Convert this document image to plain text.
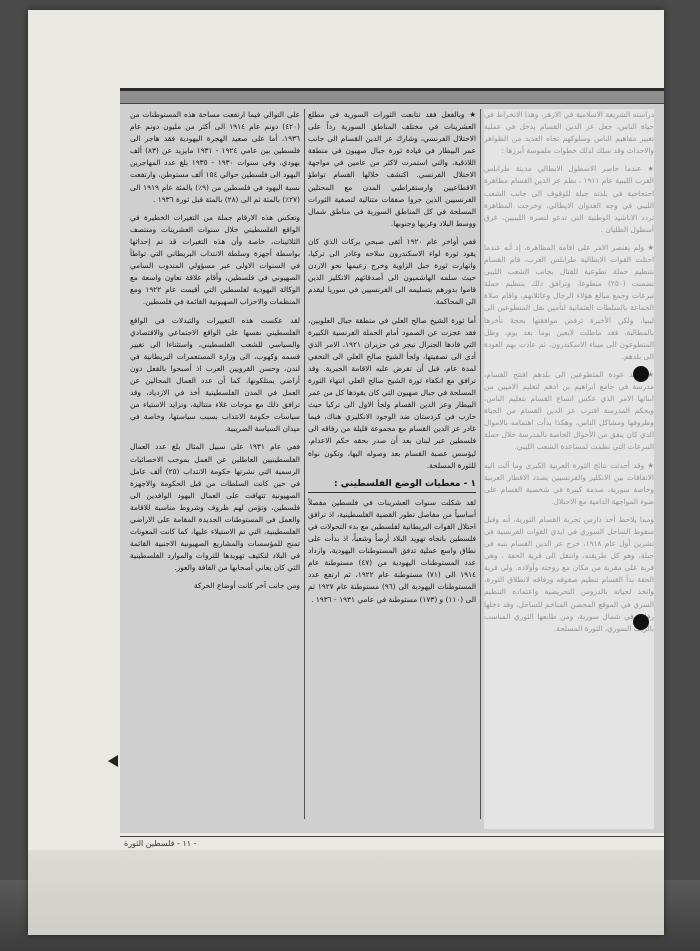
★ وبالفعل فقد تتابعت الثورات السورية في مطلع العشرينات في مختلف المناطق السورية رداً على الاحتلال الفرنسي، وشارك عز الدين القسام الى جانب عمر البيطار في قيادة ثورة جبال صهيون في منطقة اللاذقية، والتي استمرت لاكثر من عامين في مواجهة الاحتلال الفرنسي. اكتشف خلالها القسام تواطؤ الاقطاعيين وارستقراطيي المدن مع المحتلين الفرنسيين الذين جروا صفقات متتالية لتصفية الثورات المسلحة في كل المناطق السورية في مناطق شمال ووسط البلاد وغربها وجنوبها.

ففي أواخر عام ١٩٢٠ أثقى صبحي بركات الذي كان يقود ثورة لواء الاسكندرون سلاحه وغادر الى تركيا، وانهارت ثورة جبل الزاوية وخرج زعيمها نحو الاردن حيث سلمه الهاشميون الى أصدقائهم الانكليز الذين قاموا بدورهم بتسليمه الى الفرنسيين في سوريا ليقدم الى المحاكمة.

أما ثورة الشيخ صالح العلي في منطقة جبال العلويين، فقد عجزت عن الصمود أمام الحملة الفرنسية الكبيرة التي قادها الجنرال نيجر في حزيران ١٩٢١، الامر الذي أدى الى تصفيتها، ولجأ الشيخ صالح العلي الى التخفي لمدة عام، قبل أن تفرض عليه الاقامة الجبرية. وقد ترافق مع انكفاء ثورة الشيخ صالح العلي انتهاء الثورة المسلحة في جبال صهيون التي كان يقودها كل من عمر البيطار وعز الدين القسام ولجأ الاول الى تركيا حيث حارب في كردستان ضد الوجود الانكليزي هناك، فيما غادر عز الدين القسام مع مجموعة قليلة من رفاقه الى فلسطين عبر لبنان بعد أن صدر بحقه حكم الاعدام، ليؤسس عصبة القسام بعد وصوله اليها، وتكون نواة للثورة المسلحة.

١ - معطيات الوضع الفلسطيني :

لقد شكلت سنوات العشرينات في فلسطين مفصلاً أساسياً من مفاصل تطور القضية الفلسطينية، اذ ترافق احتلال القوات البريطانية لفلسطين مع بدء التحولات في فلسطين باتجاه تهويد البلاد أرضاً وشعباً، اذ بدأت على نطاق واسع عملية تدفق المستوطنات اليهودية، وازداد عدد المستوطنات اليهودية من (٤٧) مستوطنة عام ١٩١٤ الى (٧١) مستوطنة عام ١٩٢٢، ثم ارتفع عدد المستوطنات اليهودية الى (٩٦) مستوطنة عام ١٩٢٧ ثم الى (١١٠) و (١٧٣) مستوطنة في عامي ١٩٣١ - ١٩٣٦ .

على التوالي فيما ارتفعت مساحة هذه المستوطنات من (٤٢٠) دونم عام ١٩١٤ الى أكثر من مليون دونم عام ١٩٣٦، أما على صعيد الهجرة اليهودية فقد هاجر الى فلسطين بين عامي ١٩٢٤ - ١٩٣١ مايزيد عن (٨٣) ألف يهودي، وفي سنوات ١٩٣٠ - ١٩٣٥ بلغ عدد المهاجرين اليهود الى فلسطين حوالي ١٥٤ ألف مستوطن، وارتفعت نسبة اليهود في فلسطين من (٩٪) بالمئة عام ١٩١٩ الى (٢٧٪) بالمئة ثم الى (٢٨) بالمئة قبل ثورة ١٩٣٦ .

وتعكس هذه الارقام جملة من التغيرات الخطيرة في الواقع الفلسطيني خلال سنوات العشرينات ومنتصف الثلاثينات، خاصة وأن هذه التغيرات قد تم إحداثها بواسطة أجهزة وسلطة الانتداب البريطاني التي تواطأ في السنوات الاولى عبر مسؤولي المندوب السامي الصهيوني في فلسطين، وأقام علاقة تعاون واسعة مع الوكالة اليهودية لفلسطين التي أقيمت عام ١٩٢٢ ومع المنظمات والاحزاب الصهيونية القائمة في فلسطين.

لقد عكست هذه التغييرات والتبدلات في الواقع الفلسطيني نفسها على الواقع الاجتماعي والاقتصادي والسياسي للشعب الفلسطيني، واستثناءا الى تغيير قسمه وكهوب، الى وزارة المستعمرات البريطانية في لندن، وحسن القرويين العرب اذ أصبحوا بالفعل دون أراضي يمتلكونها، كما أن عدد العمال المحالين عن العمل في المدن الفلسطينية أخذ في الازدياد، وقد ترافق ذلك مع موجات غلاء متتالية، وتزايد الاستياء من سياسات حكومة الانتداب بسبب سياستها، وخاصة في ميدان السياسة الضريبية.

ففي عام ١٩٣١ على سبيل المثال بلغ عدد العمال الفلسطينيين العاطلين عن العمل بموجب الاحصائيات الرسمية التي نشرتها حكومة الانتداب (٢٥) ألف عامل في حين كانت السلطات من قبل الحكومة والاجهزة الصهيونية تتهافت على العمال اليهود الوافدين الى فلسطين، وتؤمن لهم ظروف وشروط مناسبة للاقامة والعمل في المستوطنات الجديدة المقامة على الاراضي الفلسطينية، التي تم الاستيلاء عليها، كما كانت المعونات تمنح للمؤسسات والمشاريع الصهيونية الاجنبية القائمة في البلاد لتكثيف تهويدها للثروات والموارد الفلسطينية التي كان يعاني أصحابها من الفاقة والعوز.

ومن جانب آخر كانت أوضاع الحركة

- ١١ - فلسطين الثورة
